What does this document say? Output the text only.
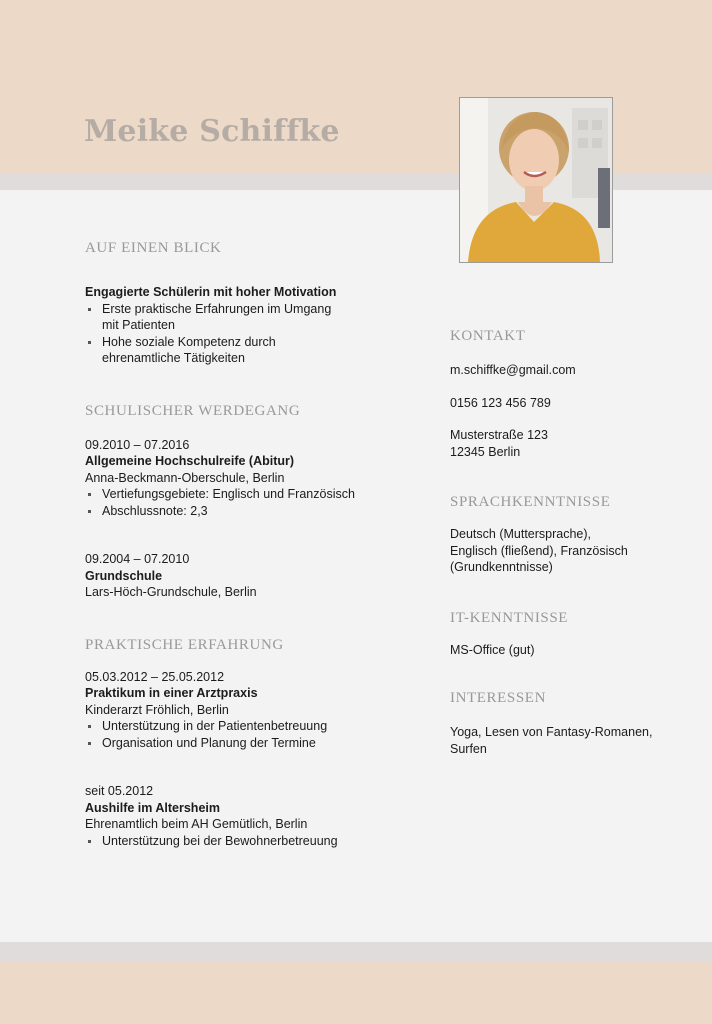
Meike Schiffke
AUF EINEN BLICK

Engagierte Schülerin mit hoher Motivation

Erste praktische Erfahrungen im Umgang mit Patienten
Hohe soziale Kompetenz durch ehrenamtliche Tätigkeiten
SCHULISCHER WERDEGANG

09.2010 – 07.2016

Allgemeine Hochschulreife (Abitur)

Anna-Beckmann-Oberschule, Berlin

Vertiefungsgebiete: Englisch und Französisch
Abschlussnote: 2,3

09.2004 – 07.2010

Grundschule

Lars-Höch-Grundschule, Berlin

PRAKTISCHE ERFAHRUNG

05.03.2012 – 25.05.2012

Praktikum in einer Arztpraxis

Kinderarzt Fröhlich, Berlin

Unterstützung in der Patientenbetreuung
Organisation und Planung der Termine

seit 05.2012

Aushilfe im Altersheim

Ehrenamtlich beim AH Gemütlich, Berlin

Unterstützung bei der Bewohnerbetreuung
KONTAKT

m.schiffke@gmail.com

0156 123 456 789

Musterstraße 123

12345 Berlin

SPRACHKENNTNISSE

Deutsch (Muttersprache),

Englisch (fließend), Französisch

(Grundkenntnisse)

IT-KENNTNISSE

MS-Office (gut)

INTERESSEN

Yoga, Lesen von Fantasy-Romanen,

Surfen
